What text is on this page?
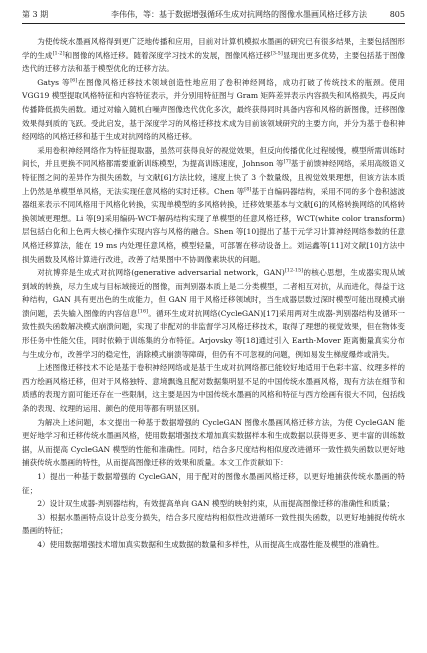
第 3 期	李伟伟，等：基于数据增强循环生成对抗网络的图像水墨画风格迁移方法	805

为使传统水墨画风格得到更广泛地传播和应用，目前对计算机模拟水墨画的研究已有很多结果，主要包括图形学的生成[1-2]和图像的风格迁移。随着深度学习技术的发展，图像风格迁移[3-5]显现出更多优势，主要包括基于图像迭代的迁移方法和基于模型优化的迁移方法。

Gatys 等[6]在图像风格迁移技术领域创造性地应用了卷积神经网络，成功打破了传统技术的瓶颈。使用 VGG19 模型提取风格特征和内容特征表示，并分别用特征图与 Gram 矩阵差异表示内容损失和风格损失，再反向传播降低损失函数。通过对输入随机白噪声图像迭代优化多次，最终获得同时具备内容和风格的新图像，迁移图像效果得到质的飞跃。受此启发，基于深度学习的风格迁移技术成为目前该领域研究的主要方向，并分为基于卷积神经网络的风格迁移和基于生成对抗网络的风格迁移。

采用卷积神经网络作为特征提取器，虽然可获得良好的视觉效果，但反向传播优化过程缓慢，模型所需训练时间长，并且更换不同风格都需要重新训练模型，为提高训练速度，Johnson 等[7]基于前馈神经网络，采用高级语义特征图之间的差异作为损失函数，与文献[6]方法比较，速度上快了 3 个数量级，且视觉效果理想，但该方法本质上仍然是单模型单风格，无法实现任意风格的实时迁移。Chen 等[8]基于自编码器结构，采用不同的多个卷积滤波器组来表示不同风格用于风格化转换，实现单模型的多风格转换，迁移效果基本与文献[6]的风格转换网络的风格转换领域更理想。Li 等[9]采用编码-WCT-解码结构实现了单模型的任意风格迁移，WCT(white color transform)层包括白化和上色两大核心操作实现内容与风格的融合。Shen 等[10]提出了基于元学习计算神经网络参数的任意风格迁移算法，能在 19 ms 内处理任意风格，模型轻量，可部署在移动设备上。刘运鑫等[11]对文献[10]方法中损失函数及风格计算进行改进，改善了结果图中不协调像素块状的问题。

对抗博弈是生成式对抗网络(generative adversarial network，GAN)[12-15]的核心思想，生成器实现从域到域的转换，尽力生成与目标域接近的图像，而判别器本质上是二分类模型，二者相互对抗，从而进化，得益于这种结构，GAN 具有更出色的生成能力，但 GAN 用于风格迁移领域时，当生成器层数过深时模型可能出现模式崩溃问题，丢失输入图像的内容信息[16]。循环生成对抗网络(CycleGAN)[17]采用两对生成器-判别器结构及循环一致性损失函数解决模式崩溃问题，实现了非配对的非监督学习风格迁移技术，取得了理想的视觉效果，但在物体变形任务中性能欠佳，同时依赖于训练集的分布特征。Arjovsky 等[18]通过引入 Earth-Mover 距离衡量真实分布与生成分布，改善学习的稳定性，消除模式崩溃等障碍，但仍有不可忽视的问题，例如易发生梯度爆炸或消失。

上述图像迁移技术不论是基于卷积神经网络或是基于生成对抗网络都已能较好地适用于色彩丰富、纹理多样的西方绘画风格迁移，但对于风格独特、意境飘逸且配对数据集明显不足的中国传统水墨画风格，现有方法在细节和质感的表现方面可能还存在一些限制，这主要是因为中国传统水墨画的风格和特征与西方绘画有很大不同，包括线条的表现、纹理的运用、颜色的使用等都有明显区别。

为解决上述问题，本文提出一种基于数据增强的 CycleGAN 图像水墨画风格迁移方法，为使 CycleGAN 能更好地学习和迁移传统水墨画风格，使用数据增强技术增加真实数据样本和生成数据以获得更多、更丰富的训练数据，从而提高 CycleGAN 模型的性能和准确性。同时，结合多尺度结构相似度改进循环一致性损失函数以更好地捕获传统水墨画的特性，从而提高图像迁移的效果和质量。本文工作贡献如下：

1）提出一种基于数据增强的 CycleGAN，用于配对的图像水墨画风格迁移，以更好地捕获传统水墨画的特征；

2）设计双生成器-判别器结构，有效提高单向 GAN 模型的映射约束，从而提高图像迁移的准确性和质量；

3）根据水墨画特点设计总变分损失，结合多尺度结构相似性改进循环一致性损失函数，以更好地捕捉传统水墨画的特征；

4）使用数据增强技术增加真实数据和生成数据的数量和多样性，从而提高生成器性能及模型的准确性。
